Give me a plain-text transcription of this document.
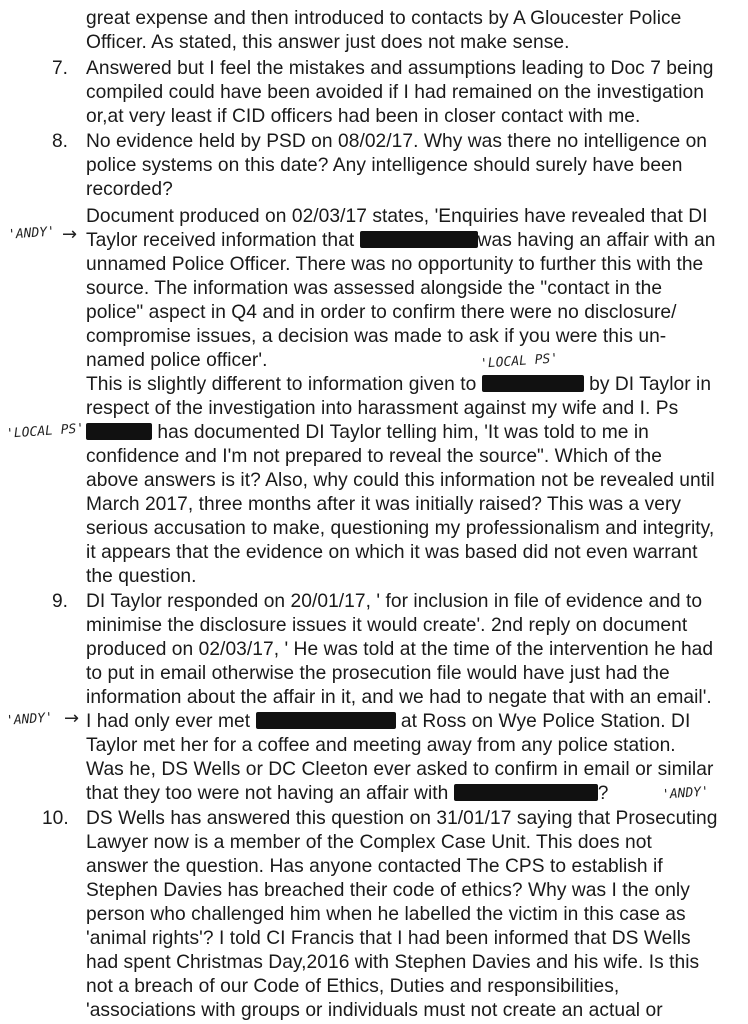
great expense and then introduced to contacts by A Gloucester Police
Officer. As stated, this answer just does not make sense.
7. Answered but I feel the mistakes and assumptions leading to Doc 7 being
compiled could have been avoided if I had remained on the investigation
or,at very least if CID officers had been in closer contact with me.
8. No evidence held by PSD on 08/02/17. Why was there no intelligence on
police systems on this date? Any intelligence should surely have been
recorded?
Document produced on 02/03/17 states, 'Enquiries have revealed that DI
'ANDY' → Taylor received information that	was having an affair with an
unnamed Police Officer. There was no opportunity to further this with the
source. The information was assessed alongside the "contact in the
police" aspect in Q4 and in order to confirm there were no disclosure/
compromise issues, a decision was made to ask if you were this un-
named police officer'.	'LOCAL PS'
This is slightly different to information given to	by DI Taylor in
respect of the investigation into harassment against my wife and I. Ps
'LOCAL PS'	has documented DI Taylor telling him, 'It was told to me in
confidence and I'm not prepared to reveal the source". Which of the
above answers is it? Also, why could this information not be revealed until
March 2017, three months after it was initially raised? This was a very
serious accusation to make, questioning my professionalism and integrity,
it appears that the evidence on which it was based did not even warrant
the question.
9. DI Taylor responded on 20/01/17, ' for inclusion in file of evidence and to
minimise the disclosure issues it would create'. 2nd reply on document
produced on 02/03/17, ' He was told at the time of the intervention he had
to put in email otherwise the prosecution file would have just had the
information about the affair in it, and we had to negate that with an email'.
'ANDY' → I had only ever met	at Ross on Wye Police Station. DI
Taylor met her for a coffee and meeting away from any police station.
Was he, DS Wells or DC Cleeton ever asked to confirm in email or similar
that they too were not having an affair with	?	'ANDY'
10. DS Wells has answered this question on 31/01/17 saying that Prosecuting
Lawyer now is a member of the Complex Case Unit. This does not
answer the question. Has anyone contacted The CPS to establish if
Stephen Davies has breached their code of ethics? Why was I the only
person who challenged him when he labelled the victim in this case as
'animal rights'? I told CI Francis that I had been informed that DS Wells
had spent Christmas Day,2016 with Stephen Davies and his wife. Is this
not a breach of our Code of Ethics, Duties and responsibilities,
'associations with groups or individuals must not create an actual or
